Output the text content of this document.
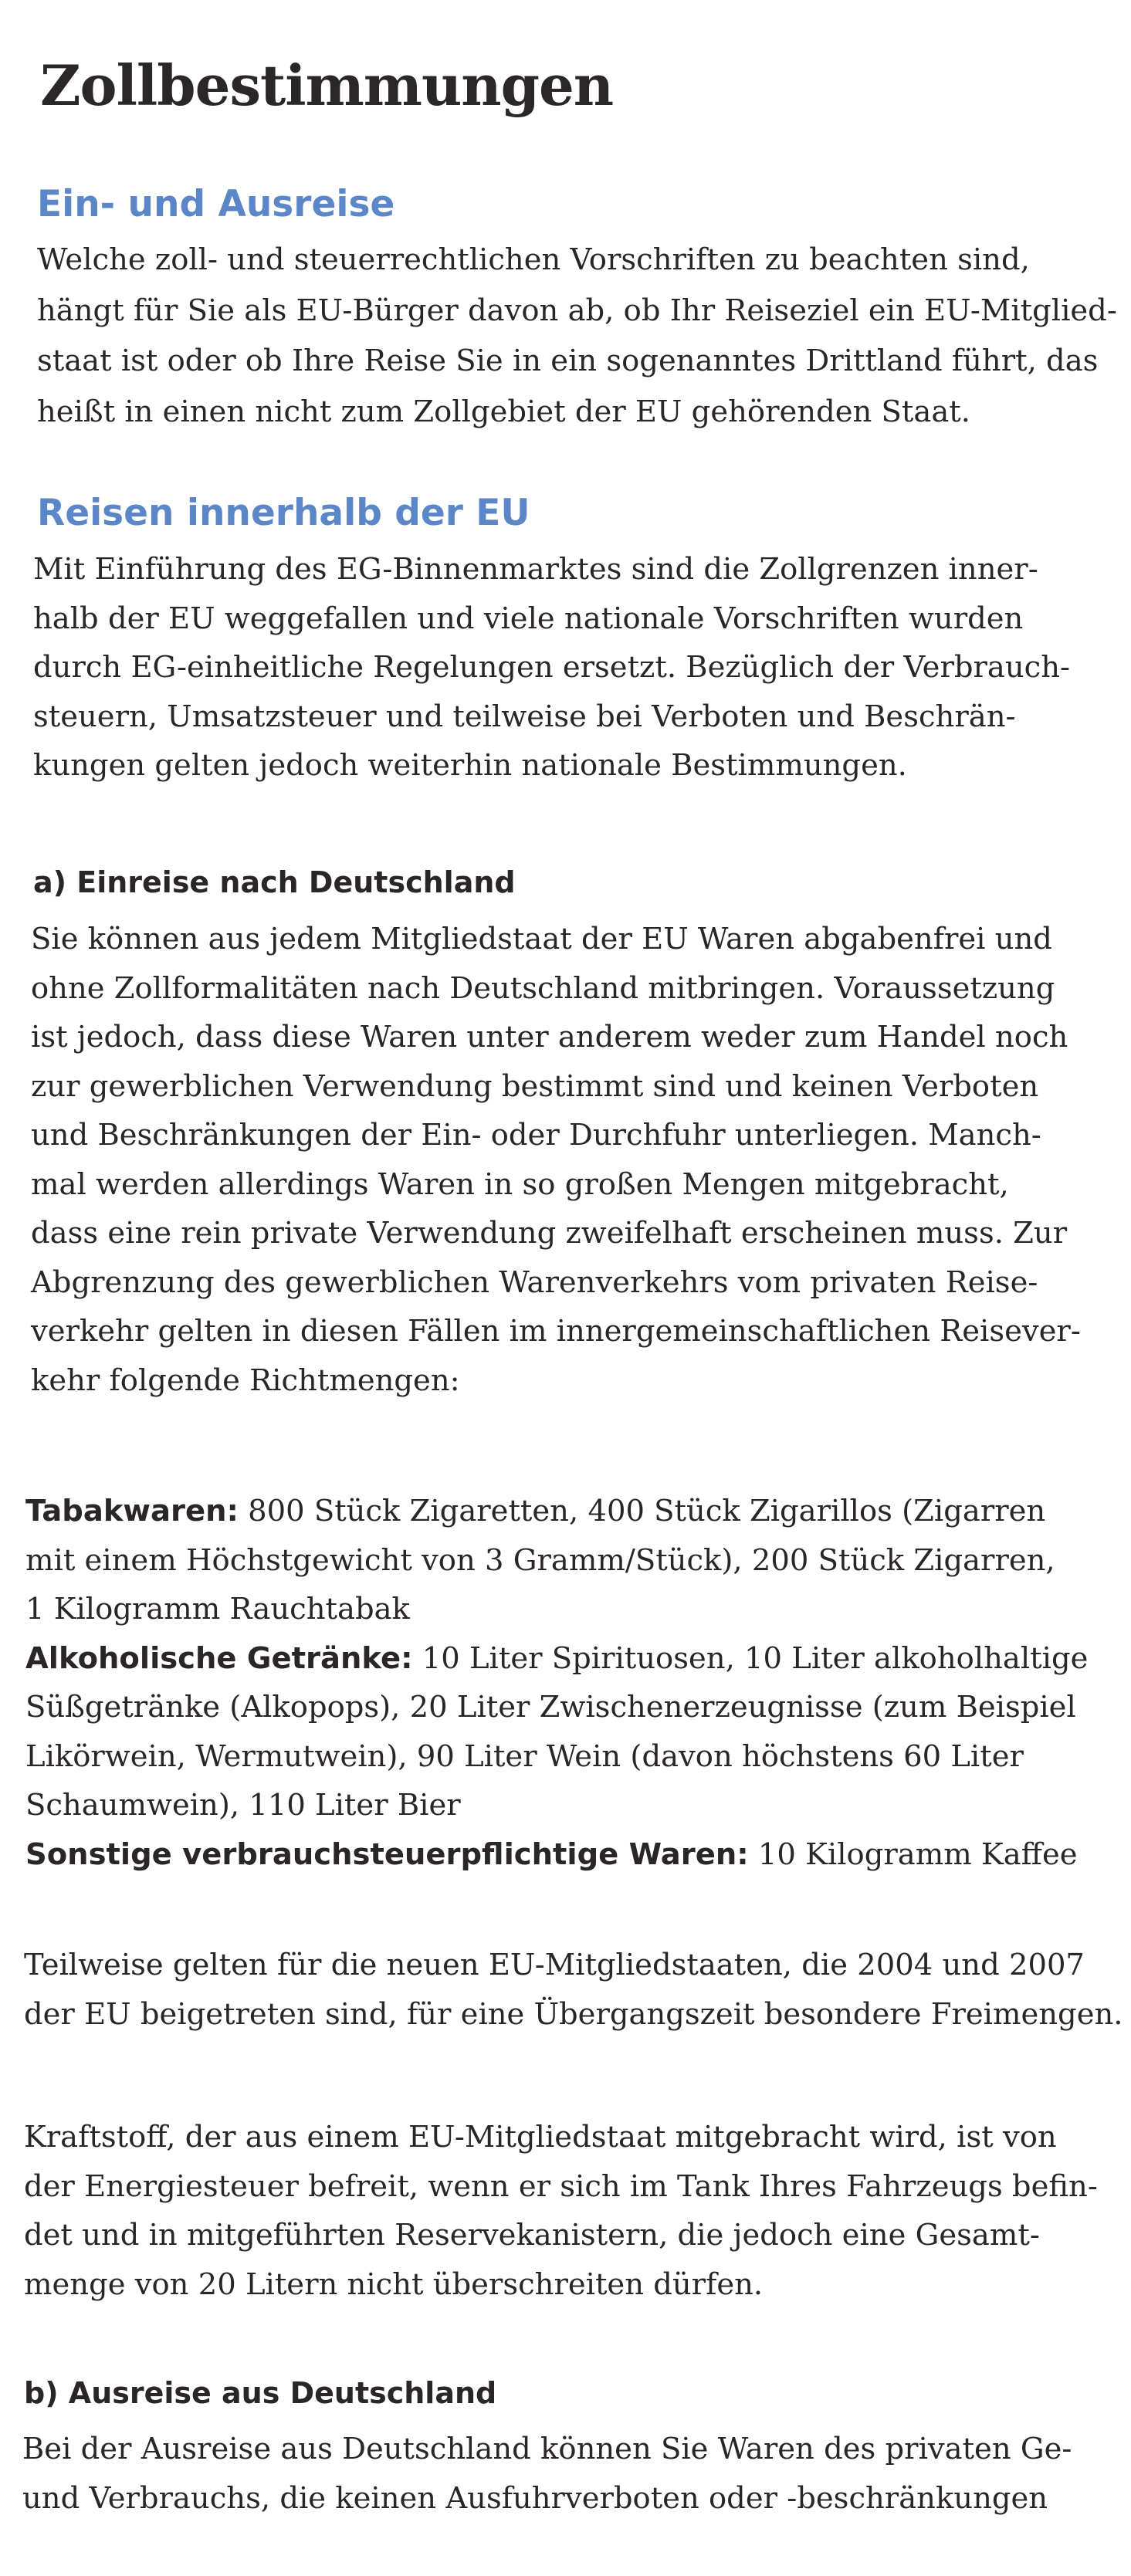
Zollbestimmungen
Ein- und Ausreise
Welche zoll- und steuerrechtlichen Vorschriften zu beachten sind,
hängt für Sie als EU-Bürger davon ab, ob Ihr Reiseziel ein EU-Mitglied-
staat ist oder ob Ihre Reise Sie in ein sogenanntes Drittland führt, das
heißt in einen nicht zum Zollgebiet der EU gehörenden Staat.
Reisen innerhalb der EU
Mit Einführung des EG-Binnenmarktes sind die Zollgrenzen inner-
halb der EU weggefallen und viele nationale Vorschriften wurden
durch EG-einheitliche Regelungen ersetzt. Bezüglich der Verbrauch-
steuern, Umsatzsteuer und teilweise bei Verboten und Beschrän-
kungen gelten jedoch weiterhin nationale Bestimmungen.
a) Einreise nach Deutschland
Sie können aus jedem Mitgliedstaat der EU Waren abgabenfrei und
ohne Zollformalitäten nach Deutschland mitbringen. Voraussetzung
ist jedoch, dass diese Waren unter anderem weder zum Handel noch
zur gewerblichen Verwendung bestimmt sind und keinen Verboten
und Beschränkungen der Ein- oder Durchfuhr unterliegen. Manch-
mal werden allerdings Waren in so großen Mengen mitgebracht,
dass eine rein private Verwendung zweifelhaft erscheinen muss. Zur
Abgrenzung des gewerblichen Warenverkehrs vom privaten Reise-
verkehr gelten in diesen Fällen im innergemeinschaftlichen Reisever-
kehr folgende Richtmengen:
Tabakwaren: 800 Stück Zigaretten, 400 Stück Zigarillos (Zigarren
mit einem Höchstgewicht von 3 Gramm/Stück), 200 Stück Zigarren,
1 Kilogramm Rauchtabak
Alkoholische Getränke: 10 Liter Spirituosen, 10 Liter alkoholhaltige
Süßgetränke (Alkopops), 20 Liter Zwischenerzeugnisse (zum Beispiel
Likörwein, Wermutwein), 90 Liter Wein (davon höchstens 60 Liter
Schaumwein), 110 Liter Bier
Sonstige verbrauchsteuerpflichtige Waren: 10 Kilogramm Kaffee
Teilweise gelten für die neuen EU-Mitgliedstaaten, die 2004 und 2007
der EU beigetreten sind, für eine Übergangszeit besondere Freimengen.
Kraftstoff, der aus einem EU-Mitgliedstaat mitgebracht wird, ist von
der Energiesteuer befreit, wenn er sich im Tank Ihres Fahrzeugs befin-
det und in mitgeführten Reservekanistern, die jedoch eine Gesamt-
menge von 20 Litern nicht überschreiten dürfen.
b) Ausreise aus Deutschland
Bei der Ausreise aus Deutschland können Sie Waren des privaten Ge-
und Verbrauchs, die keinen Ausfuhrverboten oder -beschränkungen
